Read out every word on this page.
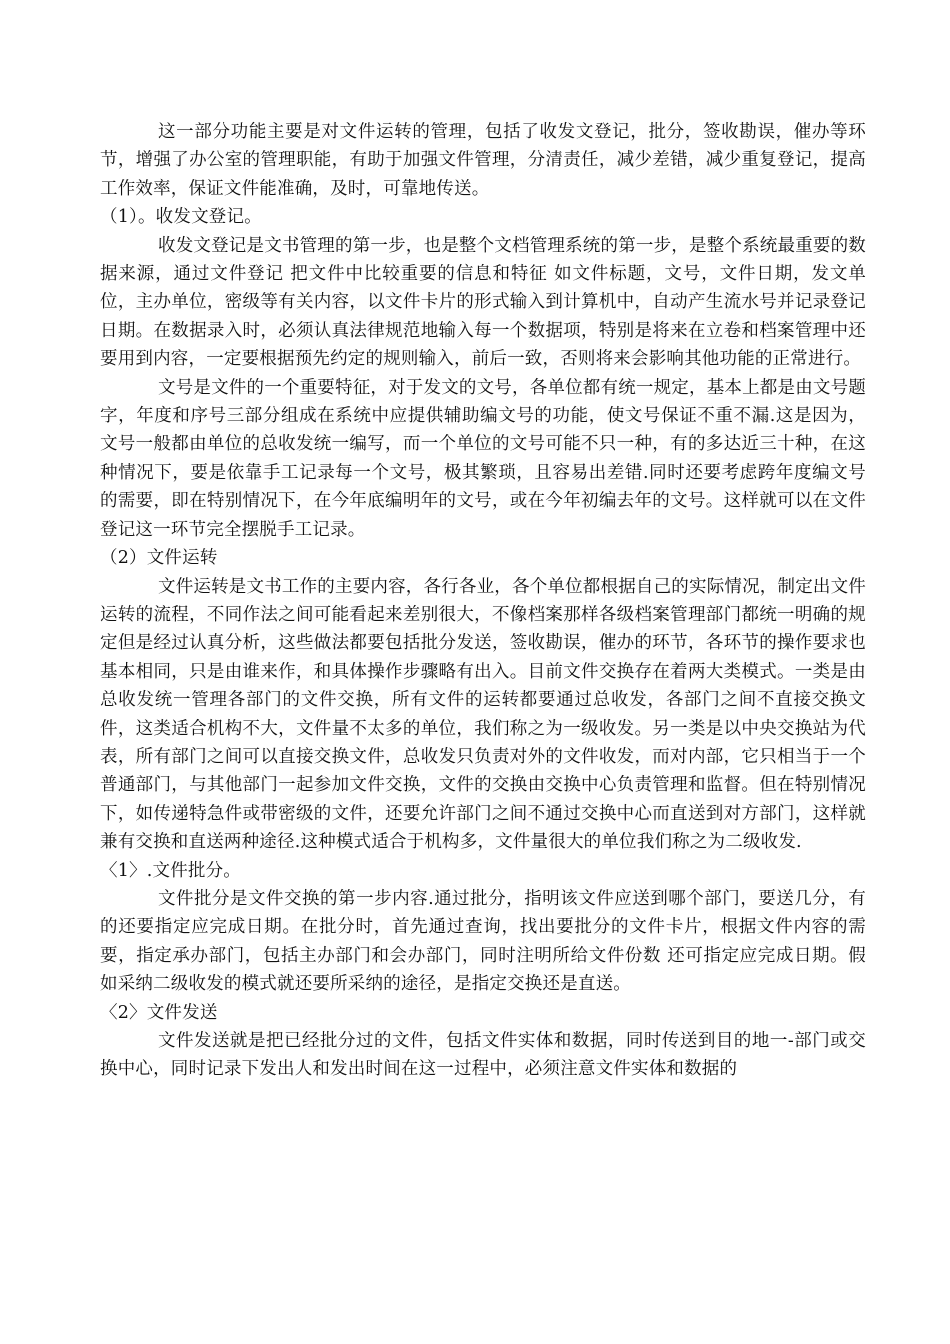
这一部分功能主要是对文件运转的管理，包括了收发文登记，批分，签收勘误，催办等环节，增强了办公室的管理职能，有助于加强文件管理，分清责任，减少差错，减少重复登记，提高工作效率，保证文件能准确，及时，可靠地传送。

（1）。收发文登记。

收发文登记是文书管理的第一步，也是整个文档管理系统的第一步，是整个系统最重要的数据来源，通过文件登记 把文件中比较重要的信息和特征 如文件标题，文号，文件日期，发文单位，主办单位，密级等有关内容，以文件卡片的形式输入到计算机中，自动产生流水号并记录登记日期。在数据录入时，必须认真法律规范地输入每一个数据项，特别是将来在立卷和档案管理中还要用到内容，一定要根据预先约定的规则输入，前后一致，否则将来会影响其他功能的正常进行。

文号是文件的一个重要特征，对于发文的文号，各单位都有统一规定，基本上都是由文号题字，年度和序号三部分组成在系统中应提供辅助编文号的功能，使文号保证不重不漏.这是因为，文号一般都由单位的总收发统一编写，而一个单位的文号可能不只一种，有的多达近三十种，在这种情况下，要是依靠手工记录每一个文号，极其繁琐，且容易出差错.同时还要考虑跨年度编文号的需要，即在特别情况下，在今年底编明年的文号，或在今年初编去年的文号。这样就可以在文件登记这一环节完全摆脱手工记录。

（2）文件运转

文件运转是文书工作的主要内容，各行各业，各个单位都根据自己的实际情况，制定出文件运转的流程，不同作法之间可能看起来差别很大，不像档案那样各级档案管理部门都统一明确的规定但是经过认真分析，这些做法都要包括批分发送，签收勘误，催办的环节，各环节的操作要求也基本相同，只是由谁来作，和具体操作步骤略有出入。目前文件交换存在着两大类模式。一类是由总收发统一管理各部门的文件交换，所有文件的运转都要通过总收发，各部门之间不直接交换文件，这类适合机构不大，文件量不太多的单位，我们称之为一级收发。另一类是以中央交换站为代表，所有部门之间可以直接交换文件，总收发只负责对外的文件收发，而对内部，它只相当于一个普通部门，与其他部门一起参加文件交换，文件的交换由交换中心负责管理和监督。但在特别情况下，如传递特急件或带密级的文件，还要允许部门之间不通过交换中心而直送到对方部门，这样就兼有交换和直送两种途径.这种模式适合于机构多，文件量很大的单位我们称之为二级收发.

〈1〉.文件批分。

文件批分是文件交换的第一步内容.通过批分，指明该文件应送到哪个部门，要送几分，有的还要指定应完成日期。在批分时，首先通过查询，找出要批分的文件卡片，根据文件内容的需要，指定承办部门，包括主办部门和会办部门，同时注明所给文件份数 还可指定应完成日期。假如采纳二级收发的模式就还要所采纳的途径，是指定交换还是直送。

〈2〉文件发送

文件发送就是把已经批分过的文件，包括文件实体和数据，同时传送到目的地一-部门或交换中心，同时记录下发出人和发出时间在这一过程中，必须注意文件实体和数据的
